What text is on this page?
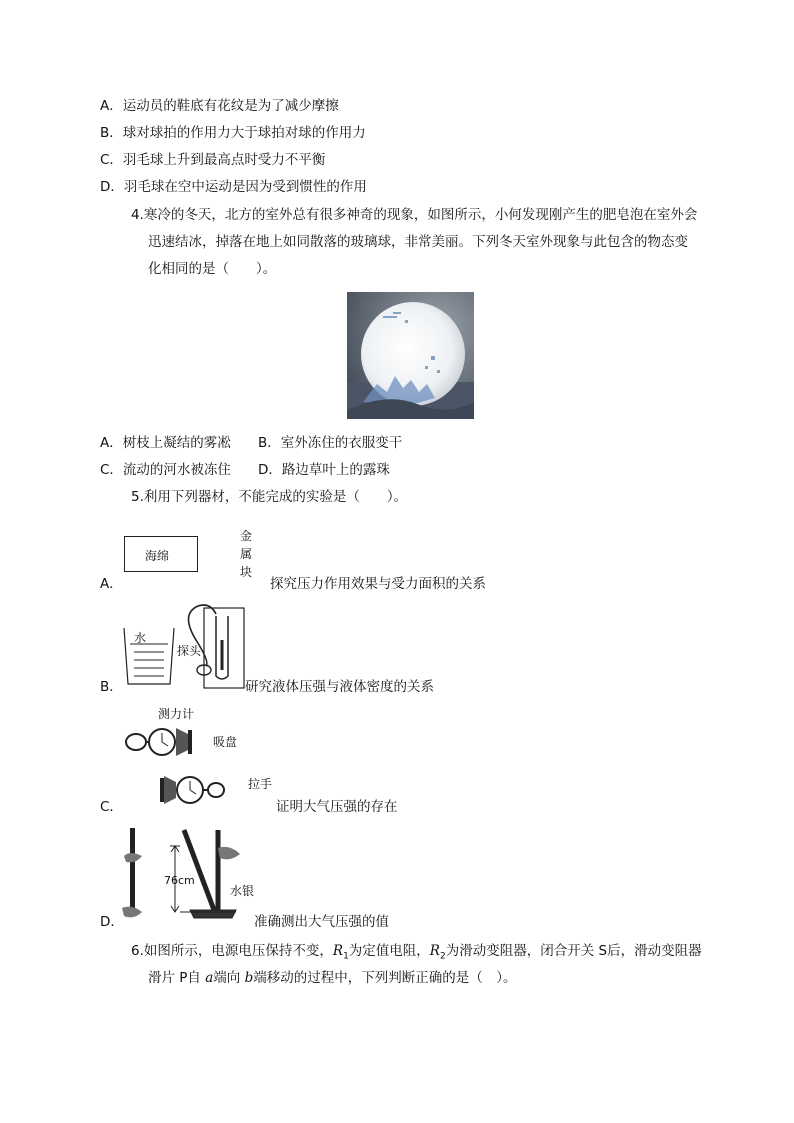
A．运动员的鞋底有花纹是为了减少摩擦
B．球对球拍的作用力大于球拍对球的作用力
C．羽毛球上升到最高点时受力不平衡
D．羽毛球在空中运动是因为受到惯性的作用
4.寒冷的冬天，北方的室外总有很多神奇的现象，如图所示，小何发现刚产生的肥皂泡在室外会
迅速结冰，掉落在地上如同散落的玻璃球，非常美丽。下列冬天室外现象与此包含的物态变
化相同的是（　　）。
A．树枝上凝结的雾凇 B．室外冻住的衣服变干
C．流动的河水被冻住 D．路边草叶上的露珠
5.利用下列器材，不能完成的实验是（　　）。
海绵
金
属
块
A．	探究压力作用效果与受力面积的关系
水
探头
B．	研究液体压强与液体密度的关系
测力计
吸盘
拉手
C．	证明大气压强的存在
76cm
水银
D．	准确测出大气压强的值
6.如图所示，电源电压保持不变，$R_1$为定值电阻，$R_2$为滑动变阻器，闭合开关 S后，滑动变阻器
滑片 P自 a端向 b端移动的过程中，下列判断正确的是（　）。
